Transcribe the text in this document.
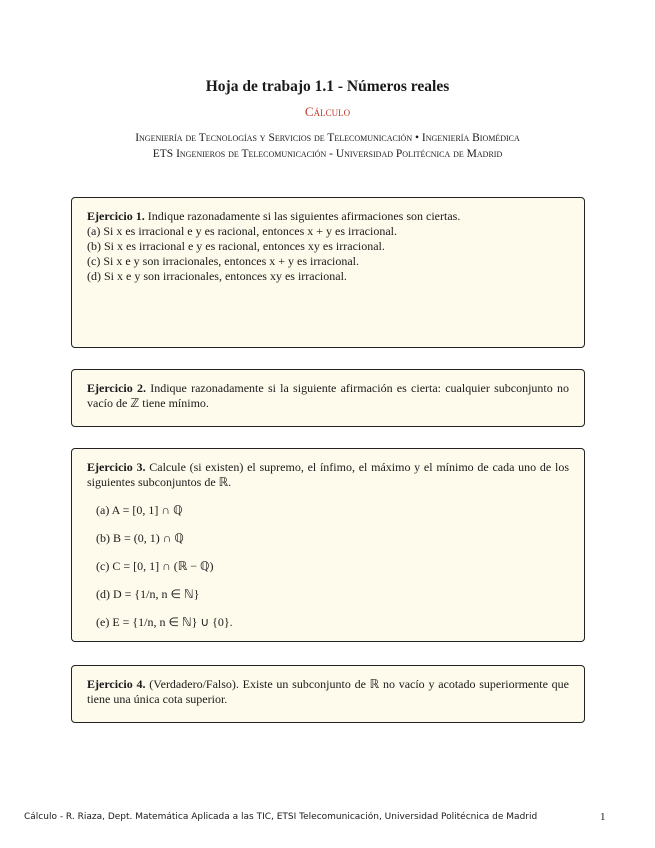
Hoja de trabajo 1.1 - Números reales
Cálculo
Ingeniería de Tecnologías y Servicios de Telecomunicación • Ingeniería Biomédica
ETS Ingenieros de Telecomunicación - Universidad Politécnica de Madrid

Ejercicio 1. Indique razonadamente si las siguientes afirmaciones son ciertas.

(a) Si x es irracional e y es racional, entonces x + y es irracional.

(b) Si x es irracional e y es racional, entonces xy es irracional.

(c) Si x e y son irracionales, entonces x + y es irracional.

(d) Si x e y son irracionales, entonces xy es irracional.

Ejercicio 2. Indique razonadamente si la siguiente afirmación es cierta: cualquier subconjunto no vacío de ℤ tiene mínimo.

Ejercicio 3. Calcule (si existen) el supremo, el ínfimo, el máximo y el mínimo de cada uno de los siguientes subconjuntos de ℝ.

(a) A = [0, 1] ∩ ℚ

(b) B = (0, 1) ∩ ℚ

(c) C = [0, 1] ∩ (ℝ − ℚ)

(d) D = {1/n, n ∈ ℕ}

(e) E = {1/n, n ∈ ℕ} ∪ {0}.

Ejercicio 4. (Verdadero/Falso). Existe un subconjunto de ℝ no vacío y acotado superiormente que tiene una única cota superior.

Cálculo - R. Riaza, Dept. Matemática Aplicada a las TIC, ETSI Telecomunicación, Universidad Politécnica de Madrid	1
